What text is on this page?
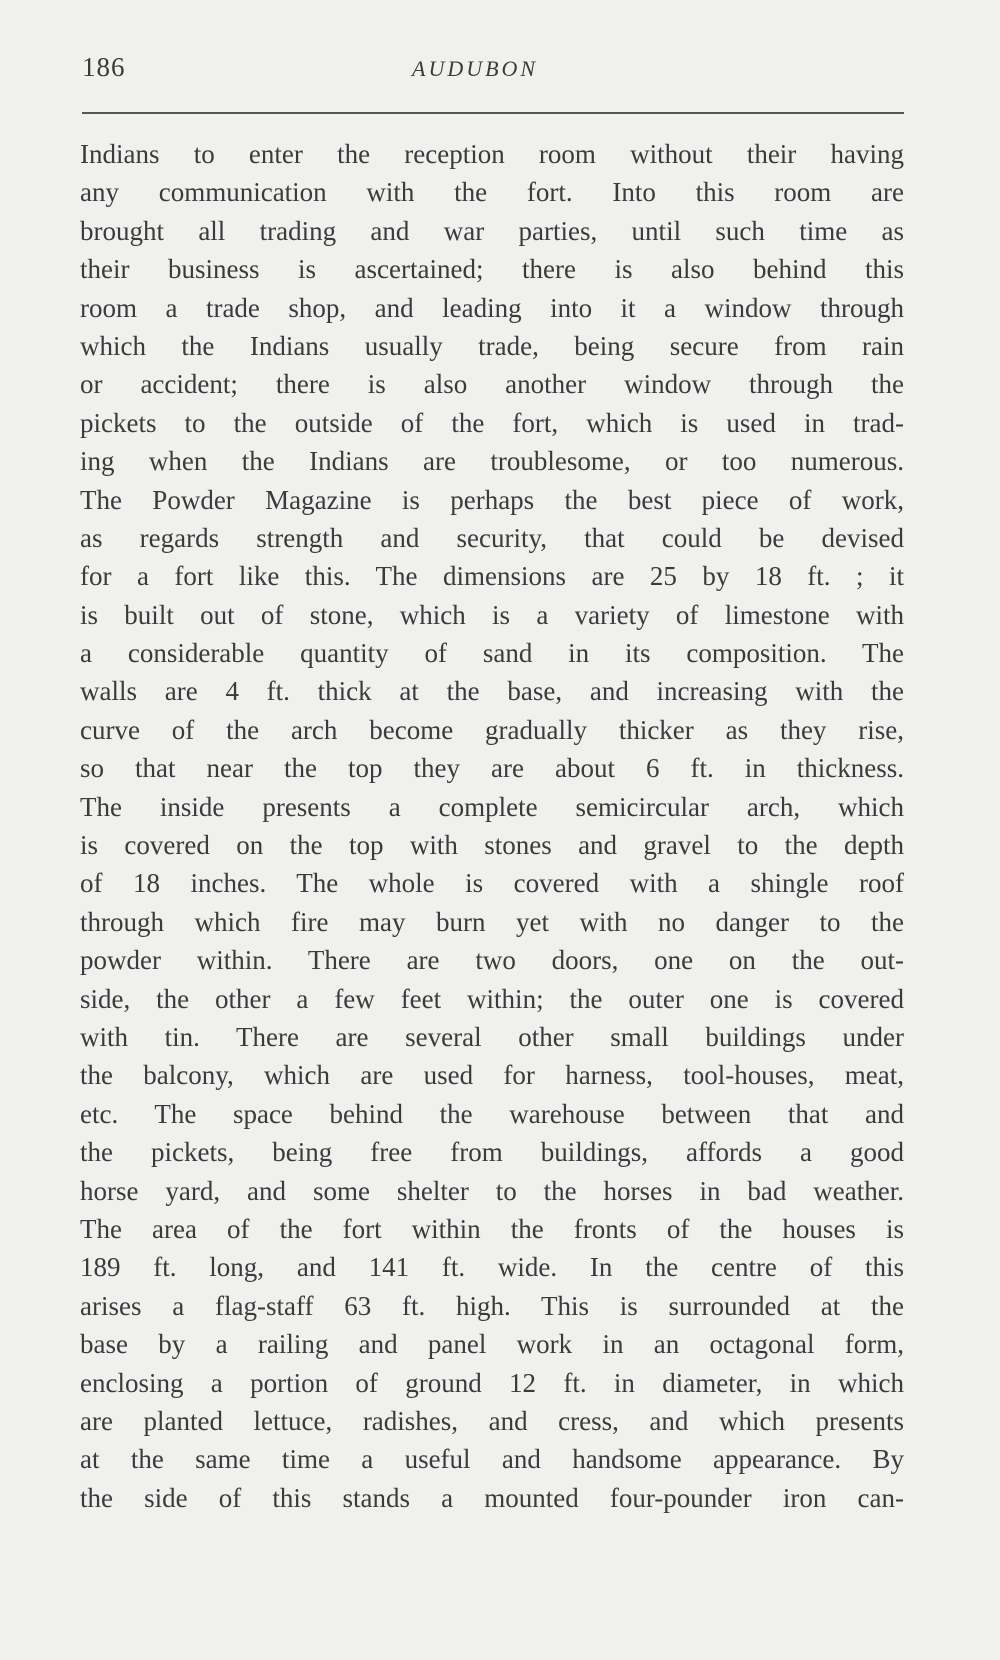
186	AUDUBON
Indians to enter the reception room without their having
any communication with the fort. Into this room are
brought all trading and war parties, until such time as
their business is ascertained; there is also behind this
room a trade shop, and leading into it a window through
which the Indians usually trade, being secure from rain
or accident; there is also another window through the
pickets to the outside of the fort, which is used in trad-
ing when the Indians are troublesome, or too numerous.
The Powder Magazine is perhaps the best piece of work,
as regards strength and security, that could be devised
for a fort like this. The dimensions are 25 by 18 ft. ; it
is built out of stone, which is a variety of limestone with
a considerable quantity of sand in its composition. The
walls are 4 ft. thick at the base, and increasing with the
curve of the arch become gradually thicker as they rise,
so that near the top they are about 6 ft. in thickness.
The inside presents a complete semicircular arch, which
is covered on the top with stones and gravel to the depth
of 18 inches. The whole is covered with a shingle roof
through which fire may burn yet with no danger to the
powder within. There are two doors, one on the out-
side, the other a few feet within; the outer one is covered
with tin. There are several other small buildings under
the balcony, which are used for harness, tool-houses, meat,
etc. The space behind the warehouse between that and
the pickets, being free from buildings, affords a good
horse yard, and some shelter to the horses in bad weather.
The area of the fort within the fronts of the houses is
189 ft. long, and 141 ft. wide. In the centre of this
arises a flag-staff 63 ft. high. This is surrounded at the
base by a railing and panel work in an octagonal form,
enclosing a portion of ground 12 ft. in diameter, in which
are planted lettuce, radishes, and cress, and which presents
at the same time a useful and handsome appearance. By
the side of this stands a mounted four-pounder iron can-
